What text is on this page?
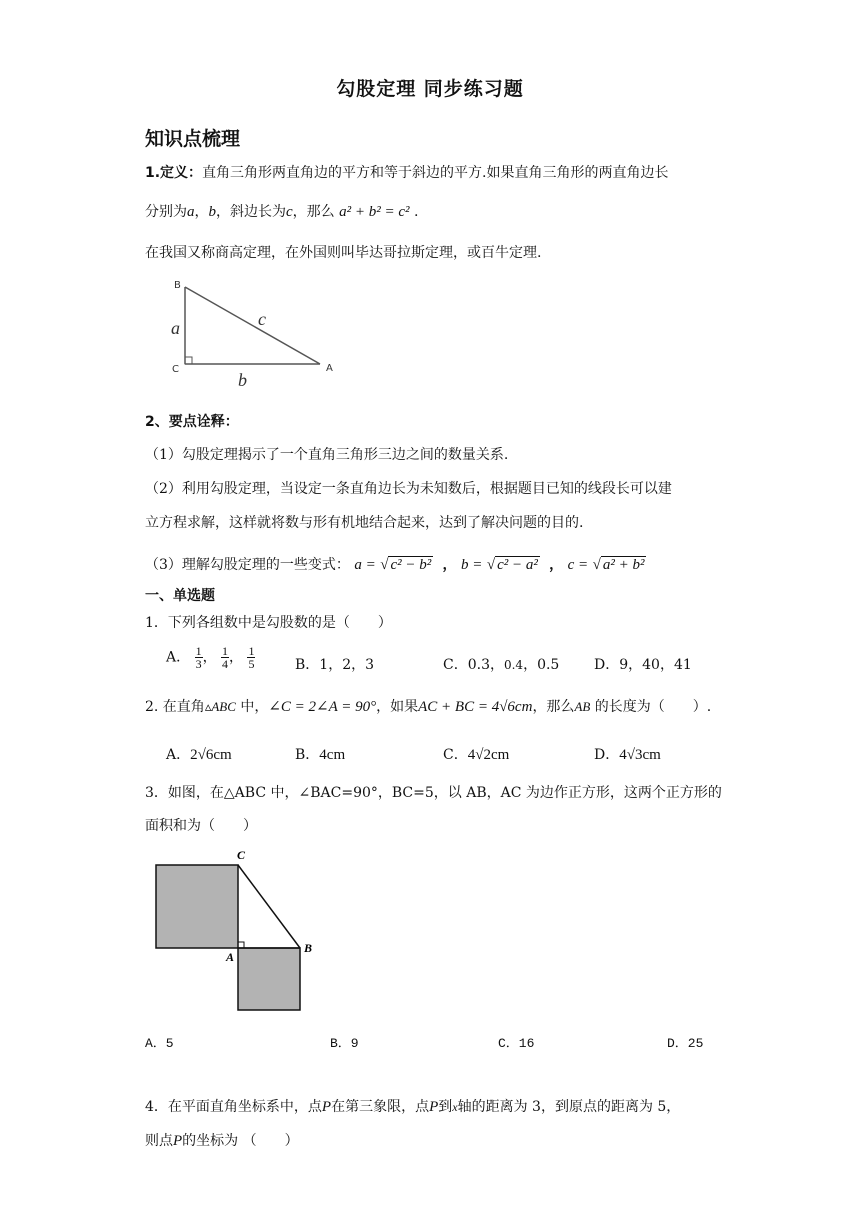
勾股定理 同步练习题
知识点梳理
1.定义：直角三角形两直角边的平方和等于斜边的平方.如果直角三角形的两直角边长
分别为a，b，斜边长为c，那么 a² + b² = c² .
在我国又称商高定理，在外国则叫毕达哥拉斯定理，或百牛定理.
B
C	A
a
b
c
2、要点诠释：
（1）勾股定理揭示了一个直角三角形三边之间的数量关系.
（2）利用勾股定理，当设定一条直角边长为未知数后，根据题目已知的线段长可以建
立方程求解，这样就将数与形有机地结合起来，达到了解决问题的目的.
（3）理解勾股定理的一些变式： a = √ c² − b²  ， b = √ c² − a²  ， c = √ a² + b²
一、单选题
1．下列各组数中是勾股数的是（　　）
A． $\frac{1}{3}$ ， $\frac{1}{4}$ ， $\frac{1}{5}$	B．1，2，3	C．0.3，0.4，0.5 D．9，40，41
2. 在直角▵ABC 中，∠C = 2∠A = 90°，如果AC + BC = 4√6cm，那么AB 的长度为（　　）.
A．2√6cm	B．4cm	C．4√2cm	D．4√3cm
3．如图，在△ABC 中，∠BAC=90°，BC=5，以 AB，AC 为边作正方形，这两个正方形的
面积和为（　　）
C
A
B
A．5	B．9	C．16	D．25
4．在平面直角坐标系中，点P在第三象限，点P到x轴的距离为 3，到原点的距离为 5，
则点P的坐标为 （　　）
